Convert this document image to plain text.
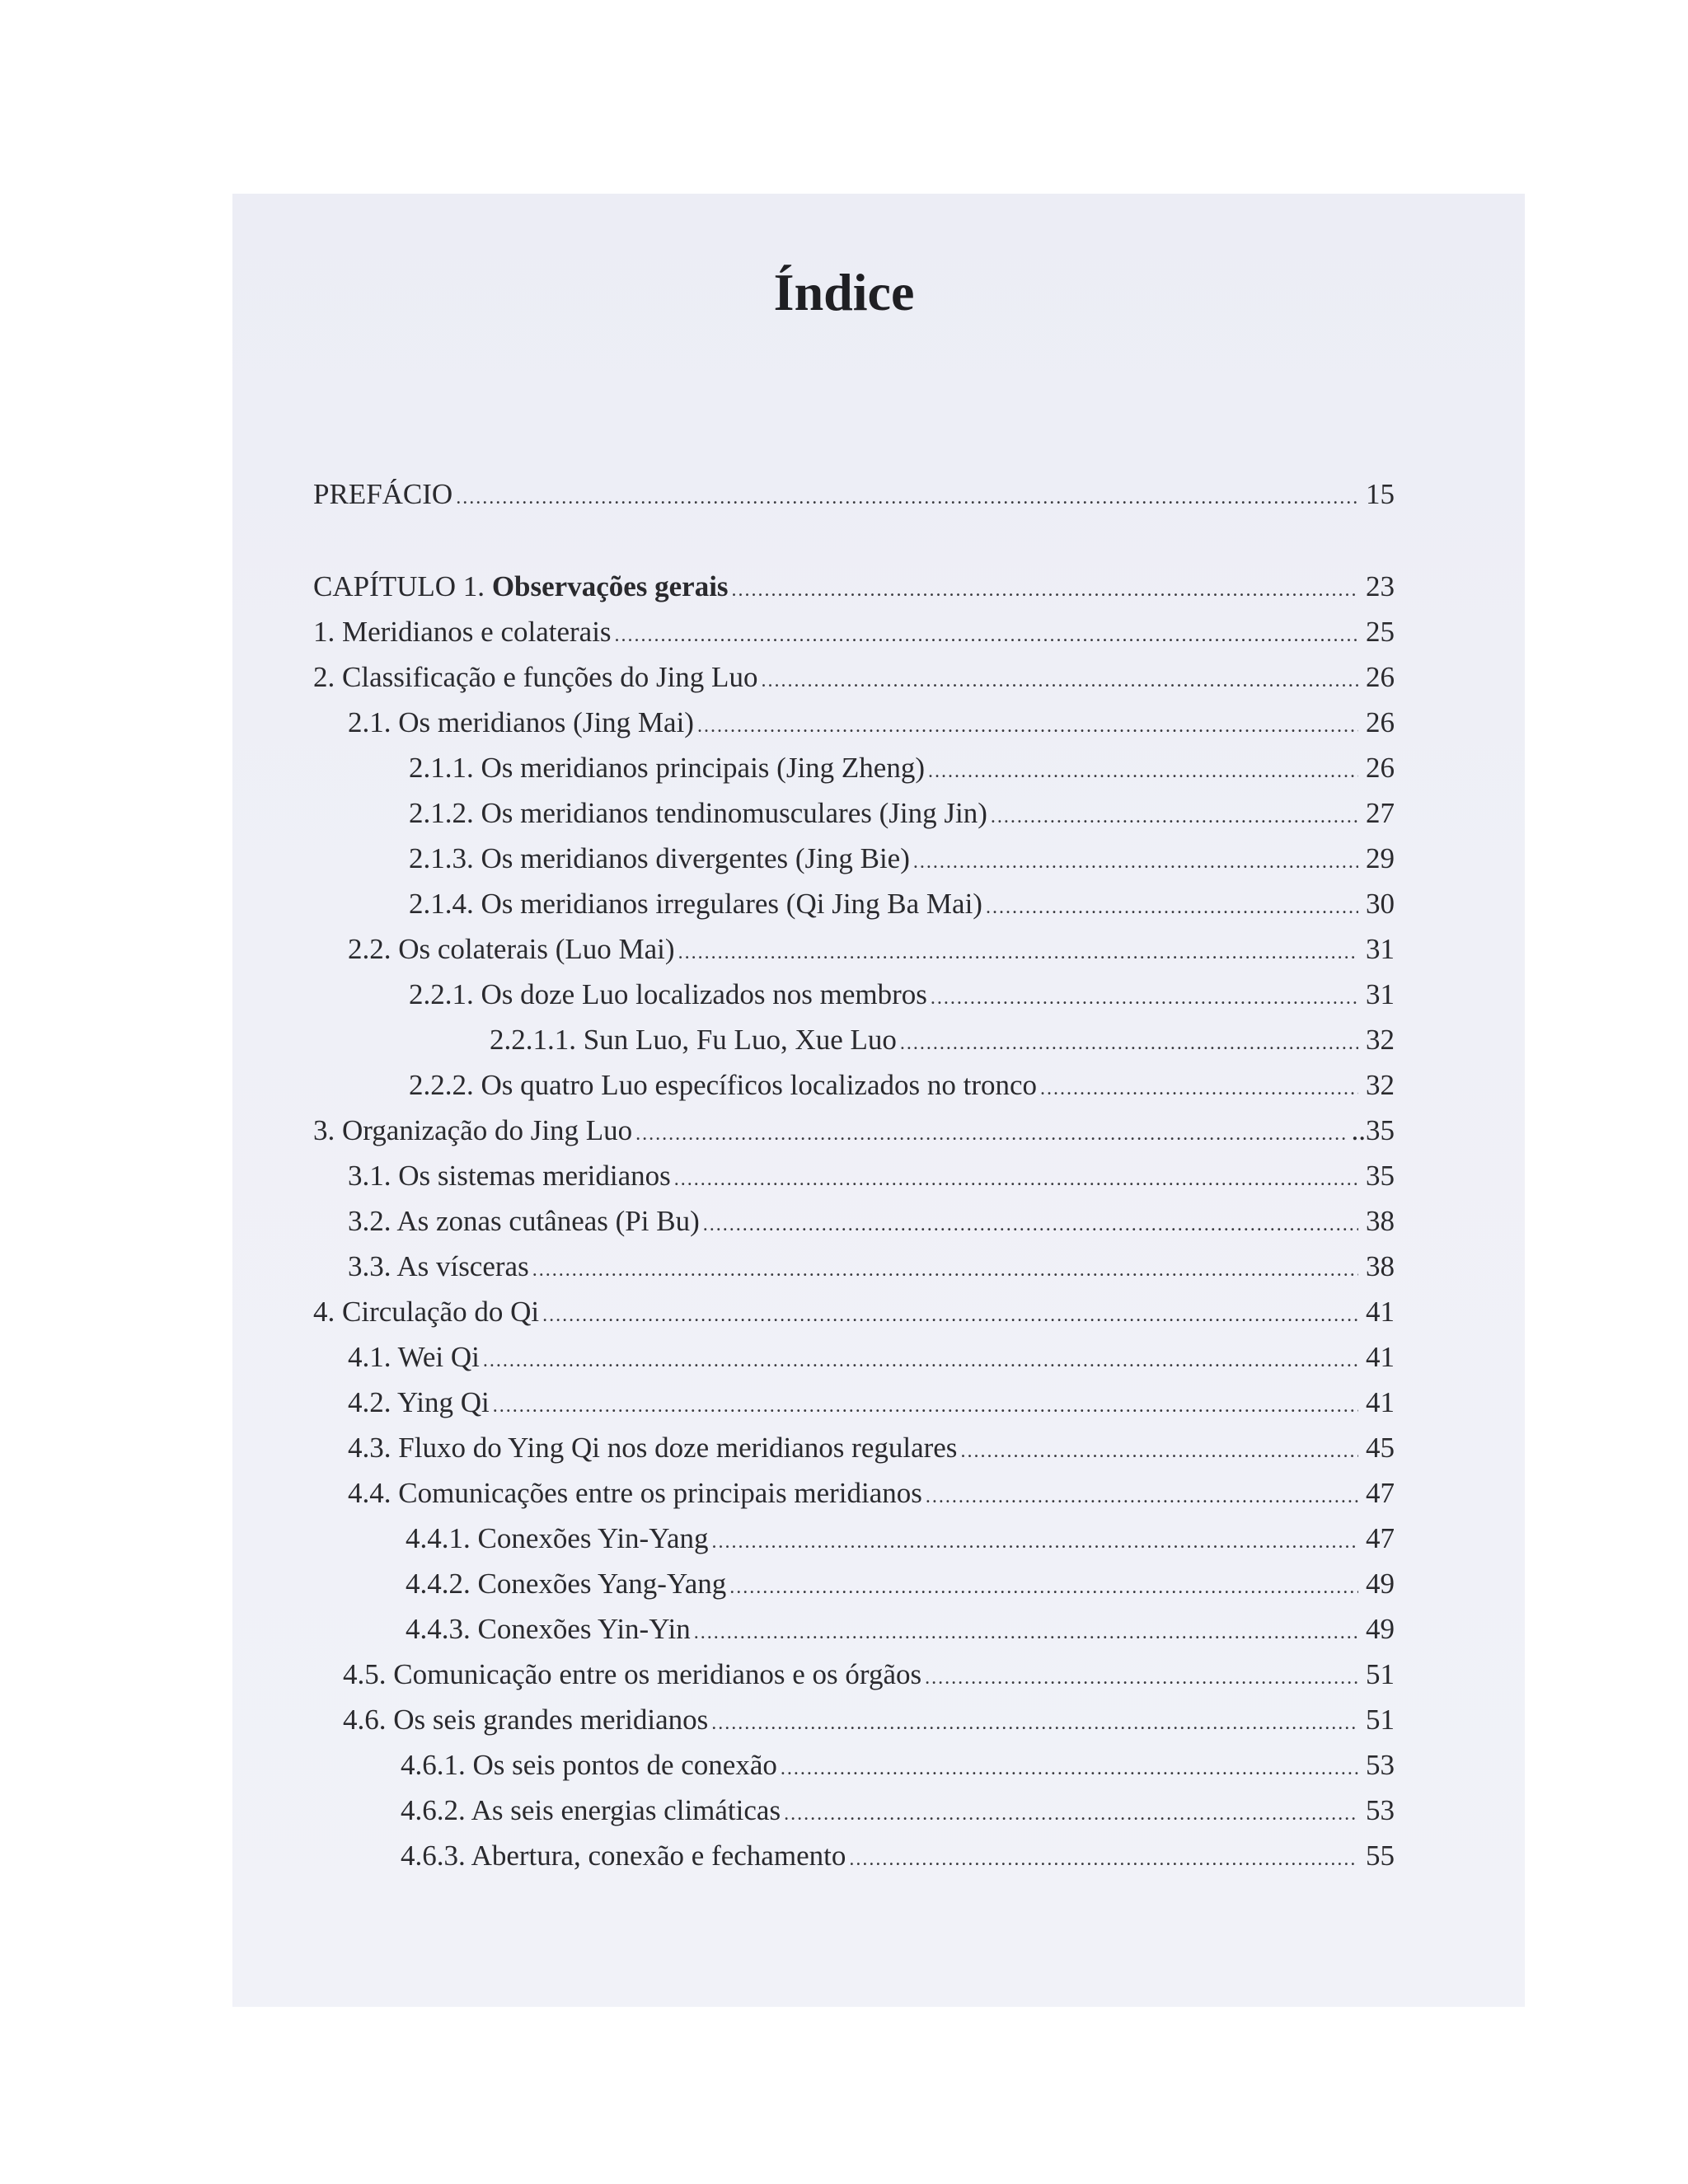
Índice
PREFÁCIO .....	15
CAPÍTULO 1. Observações gerais .....	23
1. Meridianos e colaterais .....	25
2. Classificação e funções do Jing Luo .....	26
2.1. Os meridianos (Jing Mai) .....	26
2.1.1. Os meridianos principais (Jing Zheng) .....	26
2.1.2. Os meridianos tendinomusculares (Jing Jin) .....	27
2.1.3. Os meridianos divergentes (Jing Bie) .....	29
2.1.4. Os meridianos irregulares (Qi Jing Ba Mai) .....	30
2.2. Os colaterais (Luo Mai) .....	31
2.2.1. Os doze Luo localizados nos membros .....	31
2.2.1.1. Sun Luo, Fu Luo, Xue Luo .....	32
2.2.2. Os quatro Luo específicos localizados no tronco .....	32
3. Organização do Jing Luo .....	..35
3.1. Os sistemas meridianos .....	35
3.2. As zonas cutâneas (Pi Bu) .....	38
3.3. As vísceras .....	38
4. Circulação do Qi .....	41
4.1. Wei Qi .....	41
4.2. Ying Qi .....	41
4.3. Fluxo do Ying Qi nos doze meridianos regulares .....	45
4.4. Comunicações entre os principais meridianos .....	47
4.4.1. Conexões Yin-Yang .....	47
4.4.2. Conexões Yang-Yang .....	49
4.4.3. Conexões Yin-Yin .....	49
4.5. Comunicação entre os meridianos e os órgãos .....	51
4.6. Os seis grandes meridianos .....	51
4.6.1. Os seis pontos de conexão .....	53
4.6.2. As seis energias climáticas .....	53
4.6.3. Abertura, conexão e fechamento .....	55
